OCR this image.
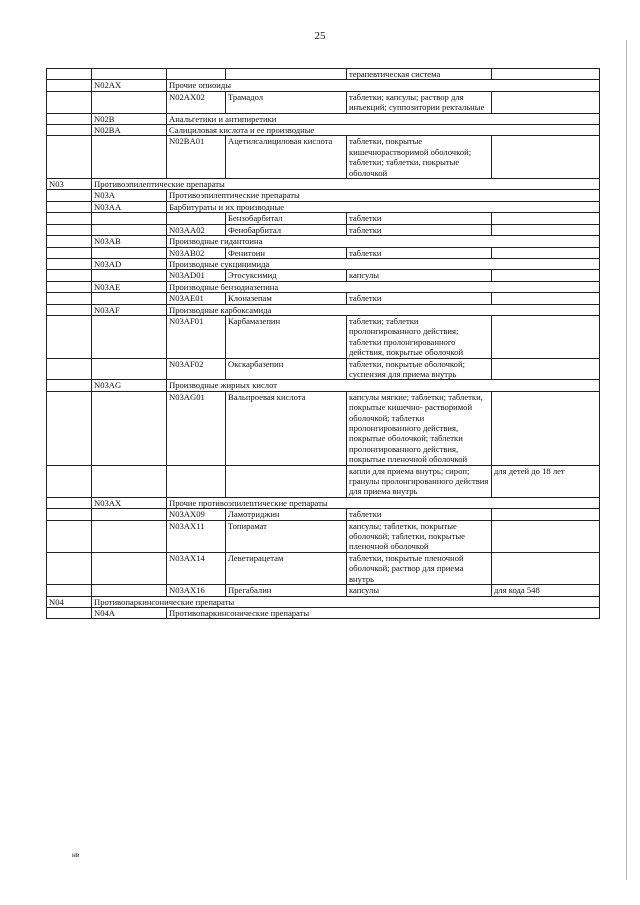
25
				терапевтическая система	
	N02AX	Прочие опиоиды			
		N02AX02	Трамадол	таблетки; капсулы; раствор для инъекций; суппозитории ректальные	
	N02B	Анальгетики и антипиретики			
	N02BA	Салициловая кислота и ее производные			
		N02BA01	Ацетилсалициловая кислота	таблетки, покрытые кишечнорастворимой оболочкой; таблетки; таблетки, покрытые оболочкой	
N03	Противоэпилептические препараты				
	N03A	Противоэпилептические препараты			
	N03AA	Барбитураты и их производные			
			Бензобарбитал	таблетки	
		N03AA02	Фенобарбитал	таблетки	
	N03AB	Производные гидантоина			
		N03AB02	Фенитоин	таблетки	
	N03AD	Производные сукцинимида			
		N03AD01	Этосуксимид	капсулы	
	N03AE	Производные бензодиазепина			
		N03AE01	Клоназепам	таблетки	
	N03AF	Производные карбоксамида			
		N03AF01	Карбамазепин	таблетки; таблетки пролонгированного действия; таблетки пролонгированного действия, покрытые оболочкой	
		N03AF02	Окскарбазепин	таблетки, покрытые оболочкой; суспензия для приема внутрь	
	N03AG	Производные жирных кислот			
		N03AG01	Вальпроевая кислота	капсулы мягкие; таблетки; таблетки, покрытые кишечно- растворимой оболочкой; таблетки пролонгированного действия, покрытые оболочкой; таблетки пролонгированного действия, покрытые пленочной оболочкой	
				капли для приема внутрь; сироп; гранулы пролонгированного действия для приема внутрь	для детей до 18 лет
	N03AX	Прочие противоэпилептические препараты			
		N03AX09	Ламотриджин	таблетки	
		N03AX11	Топирамат	капсулы; таблетки, покрытые оболочкой; таблетки, покрытые пленочной оболочкой	
		N03AX14	Леветирацетам	таблетки, покрытые пленочной оболочкой; раствор для приема внутрь	
		N03AX16	Прегабалин	капсулы	для кода 548
N04	Противопаркинсонические препараты				
	N04A	Противопаркинсонические препараты			
нв
